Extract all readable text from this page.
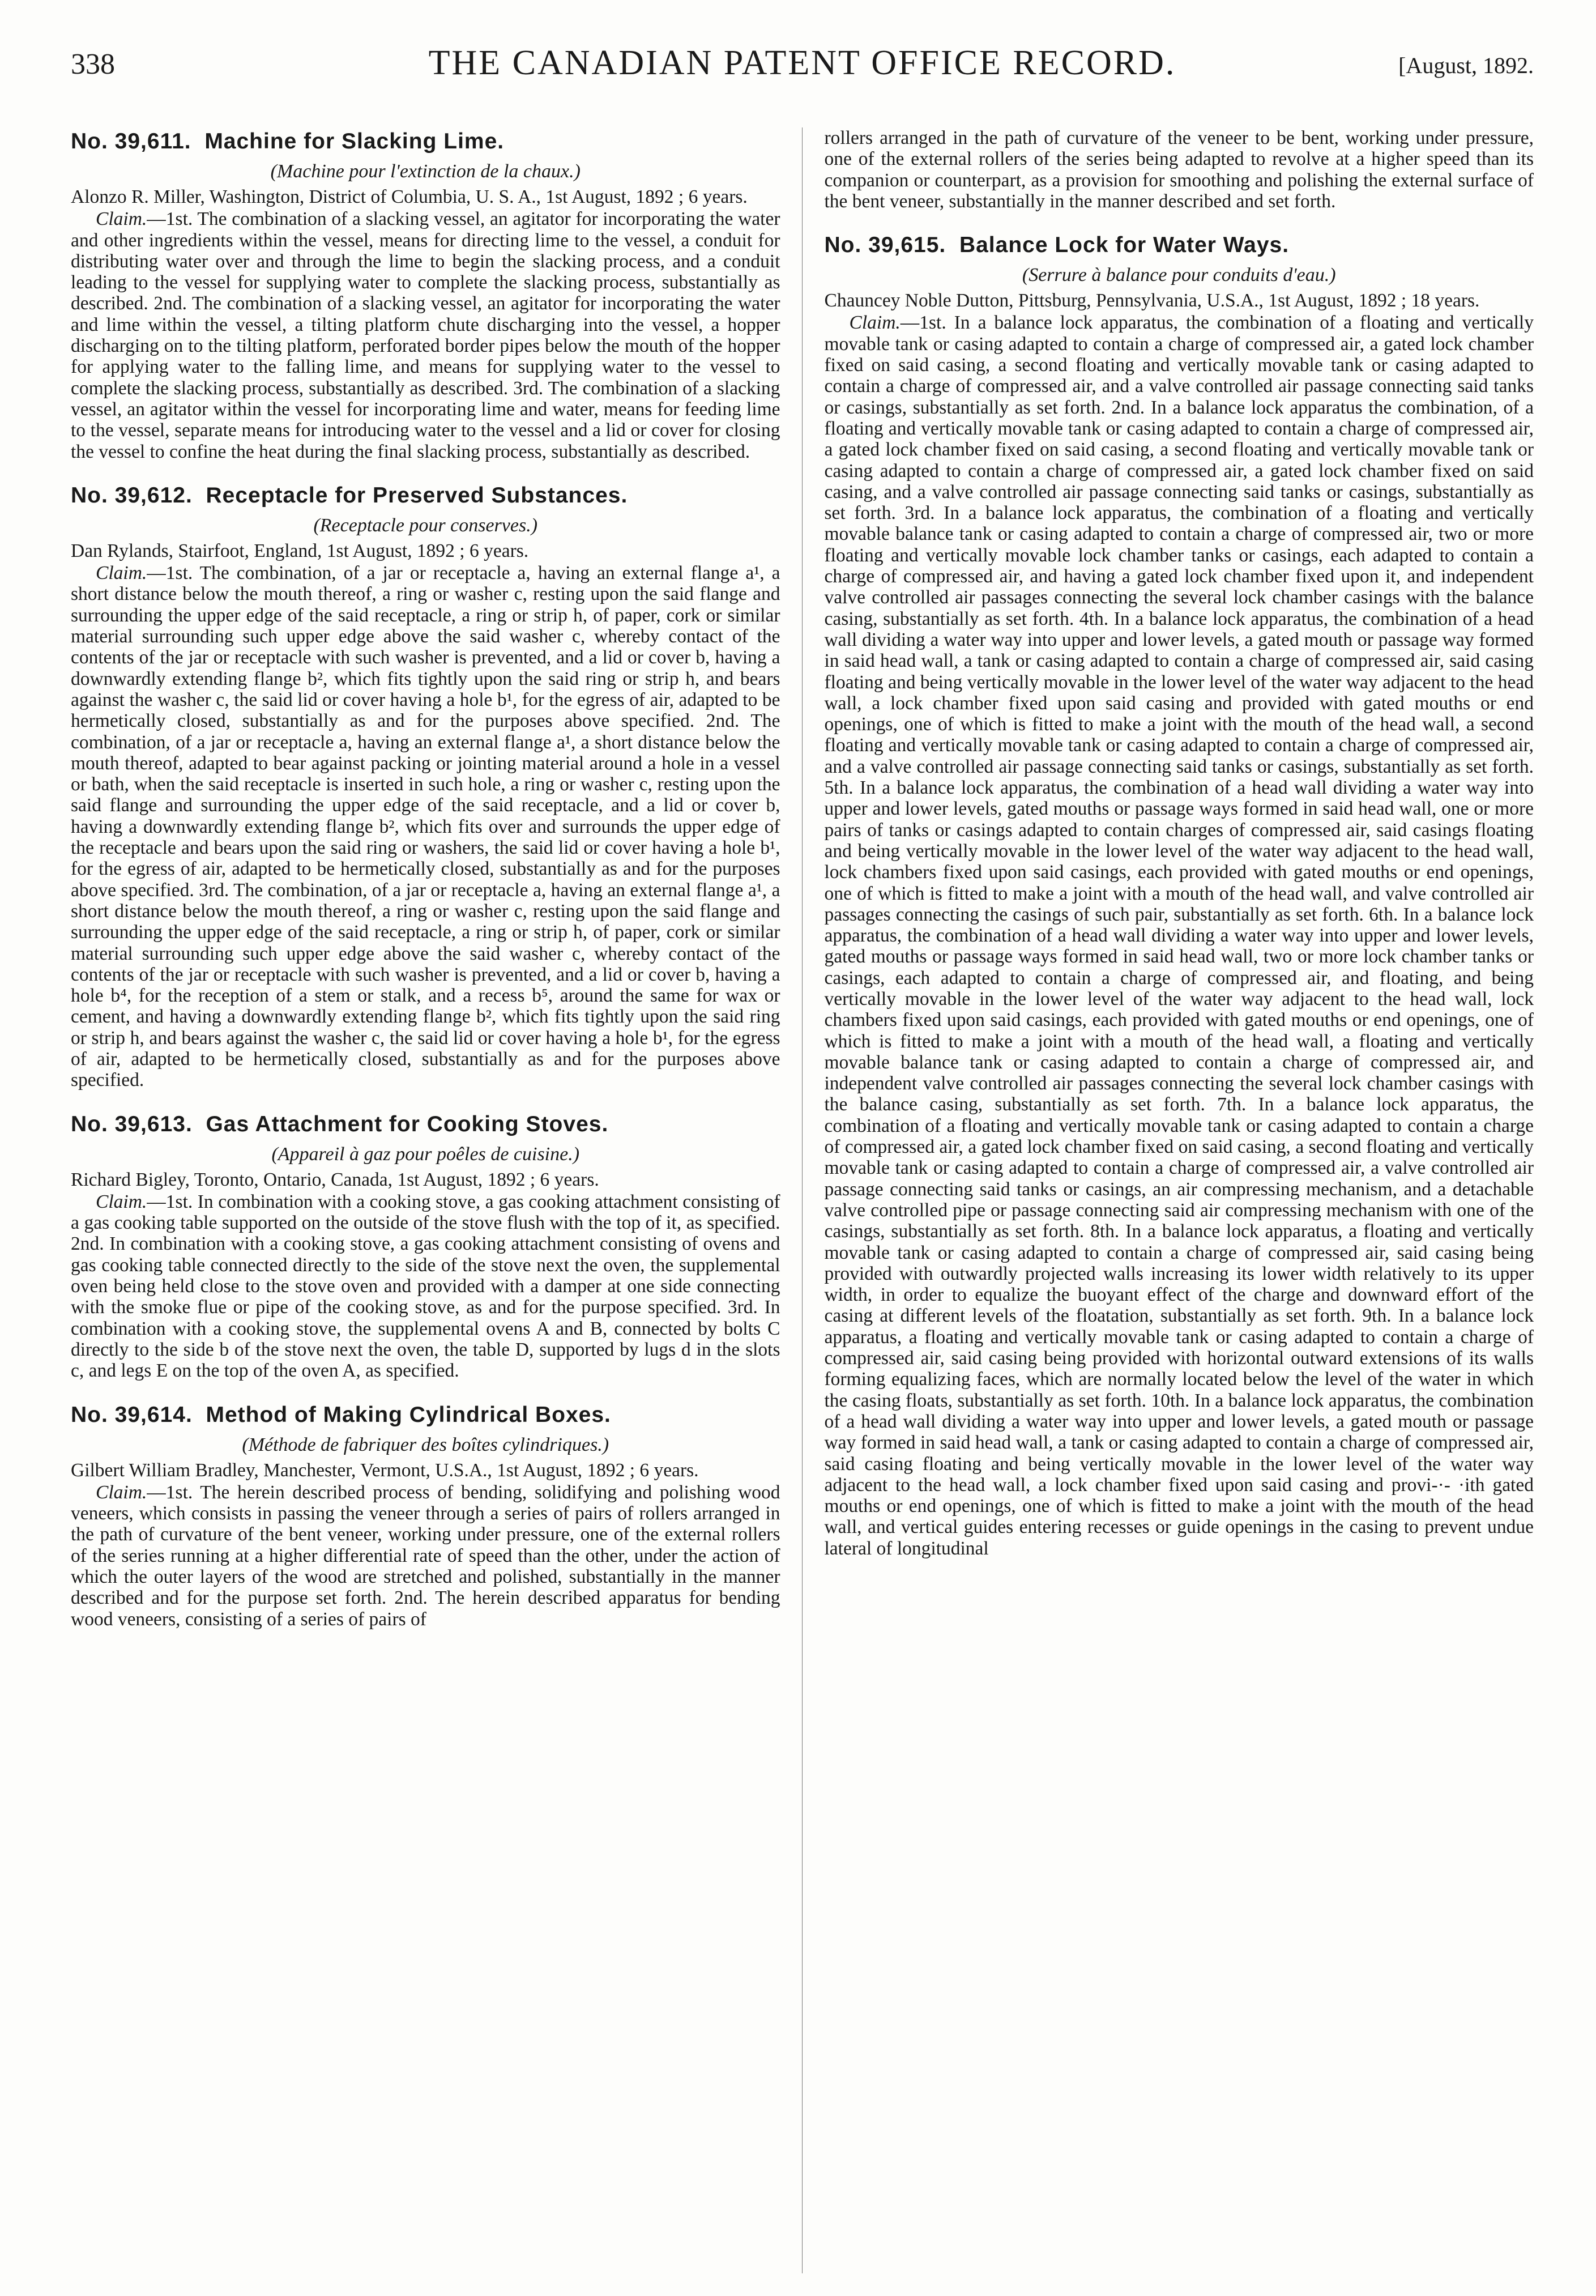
338	THE CANADIAN PATENT OFFICE RECORD.	[August, 1892.
No. 39,611. Machine for Slacking Lime.
(Machine pour l'extinction de la chaux.)

Alonzo R. Miller, Washington, District of Columbia, U. S. A., 1st August, 1892 ; 6 years.

Claim.—1st. The combination of a slacking vessel, an agitator for incorporating the water and other ingredients within the vessel, means for directing lime to the vessel, a conduit for distributing water over and through the lime to begin the slacking process, and a conduit leading to the vessel for supplying water to complete the slacking process, substantially as described. 2nd. The combination of a slacking vessel, an agitator for incorporating the water and lime within the vessel, a tilting platform chute discharging into the vessel, a hopper discharging on to the tilting platform, perforated border pipes below the mouth of the hopper for applying water to the falling lime, and means for supplying water to the vessel to complete the slacking process, substantially as described. 3rd. The combination of a slacking vessel, an agitator within the vessel for incorporating lime and water, means for feeding lime to the vessel, separate means for introducing water to the vessel and a lid or cover for closing the vessel to confine the heat during the final slacking process, substantially as described.

No. 39,612. Receptacle for Preserved Substances.
(Receptacle pour conserves.)

Dan Rylands, Stairfoot, England, 1st August, 1892 ; 6 years.

Claim.—1st. The combination, of a jar or receptacle a, having an external flange a¹, a short distance below the mouth thereof, a ring or washer c, resting upon the said flange and surrounding the upper edge of the said receptacle, a ring or strip h, of paper, cork or similar material surrounding such upper edge above the said washer c, whereby contact of the contents of the jar or receptacle with such washer is prevented, and a lid or cover b, having a downwardly extending flange b², which fits tightly upon the said ring or strip h, and bears against the washer c, the said lid or cover having a hole b¹, for the egress of air, adapted to be hermetically closed, substantially as and for the purposes above specified. 2nd. The combination, of a jar or receptacle a, having an external flange a¹, a short distance below the mouth thereof, adapted to bear against packing or jointing material around a hole in a vessel or bath, when the said receptacle is inserted in such hole, a ring or washer c, resting upon the said flange and surrounding the upper edge of the said receptacle, and a lid or cover b, having a downwardly extending flange b², which fits over and surrounds the upper edge of the receptacle and bears upon the said ring or washers, the said lid or cover having a hole b¹, for the egress of air, adapted to be hermetically closed, substantially as and for the purposes above specified. 3rd. The combination, of a jar or receptacle a, having an external flange a¹, a short distance below the mouth thereof, a ring or washer c, resting upon the said flange and surrounding the upper edge of the said receptacle, a ring or strip h, of paper, cork or similar material surrounding such upper edge above the said washer c, whereby contact of the contents of the jar or receptacle with such washer is prevented, and a lid or cover b, having a hole b⁴, for the reception of a stem or stalk, and a recess b⁵, around the same for wax or cement, and having a downwardly extending flange b², which fits tightly upon the said ring or strip h, and bears against the washer c, the said lid or cover having a hole b¹, for the egress of air, adapted to be hermetically closed, substantially as and for the purposes above specified.

No. 39,613. Gas Attachment for Cooking Stoves.
(Appareil à gaz pour poêles de cuisine.)

Richard Bigley, Toronto, Ontario, Canada, 1st August, 1892 ; 6 years.

Claim.—1st. In combination with a cooking stove, a gas cooking attachment consisting of a gas cooking table supported on the outside of the stove flush with the top of it, as specified. 2nd. In combination with a cooking stove, a gas cooking attachment consisting of ovens and gas cooking table connected directly to the side of the stove next the oven, the supplemental oven being held close to the stove oven and provided with a damper at one side connecting with the smoke flue or pipe of the cooking stove, as and for the purpose specified. 3rd. In combination with a cooking stove, the supplemental ovens A and B, connected by bolts C directly to the side b of the stove next the oven, the table D, supported by lugs d in the slots c, and legs E on the top of the oven A, as specified.

No. 39,614. Method of Making Cylindrical Boxes.
(Méthode de fabriquer des boîtes cylindriques.)

Gilbert William Bradley, Manchester, Vermont, U.S.A., 1st August, 1892 ; 6 years.

Claim.—1st. The herein described process of bending, solidifying and polishing wood veneers, which consists in passing the veneer through a series of pairs of rollers arranged in the path of curvature of the bent veneer, working under pressure, one of the external rollers of the series running at a higher differential rate of speed than the other, under the action of which the outer layers of the wood are stretched and polished, substantially in the manner described and for the purpose set forth. 2nd. The herein described apparatus for bending wood veneers, consisting of a series of pairs of

rollers arranged in the path of curvature of the veneer to be bent, working under pressure, one of the external rollers of the series being adapted to revolve at a higher speed than its companion or counterpart, as a provision for smoothing and polishing the external surface of the bent veneer, substantially in the manner described and set forth.

No. 39,615. Balance Lock for Water Ways.
(Serrure à balance pour conduits d'eau.)

Chauncey Noble Dutton, Pittsburg, Pennsylvania, U.S.A., 1st August, 1892 ; 18 years.

Claim.—1st. In a balance lock apparatus, the combination of a floating and vertically movable tank or casing adapted to contain a charge of compressed air, a gated lock chamber fixed on said casing, a second floating and vertically movable tank or casing adapted to contain a charge of compressed air, and a valve controlled air passage connecting said tanks or casings, substantially as set forth. 2nd. In a balance lock apparatus the combination, of a floating and vertically movable tank or casing adapted to contain a charge of compressed air, a gated lock chamber fixed on said casing, a second floating and vertically movable tank or casing adapted to contain a charge of compressed air, a gated lock chamber fixed on said casing, and a valve controlled air passage connecting said tanks or casings, substantially as set forth. 3rd. In a balance lock apparatus, the combination of a floating and vertically movable balance tank or casing adapted to contain a charge of compressed air, two or more floating and vertically movable lock chamber tanks or casings, each adapted to contain a charge of compressed air, and having a gated lock chamber fixed upon it, and independent valve controlled air passages connecting the several lock chamber casings with the balance casing, substantially as set forth. 4th. In a balance lock apparatus, the combination of a head wall dividing a water way into upper and lower levels, a gated mouth or passage way formed in said head wall, a tank or casing adapted to contain a charge of compressed air, said casing floating and being vertically movable in the lower level of the water way adjacent to the head wall, a lock chamber fixed upon said casing and provided with gated mouths or end openings, one of which is fitted to make a joint with the mouth of the head wall, a second floating and vertically movable tank or casing adapted to contain a charge of compressed air, and a valve controlled air passage connecting said tanks or casings, substantially as set forth. 5th. In a balance lock apparatus, the combination of a head wall dividing a water way into upper and lower levels, gated mouths or passage ways formed in said head wall, one or more pairs of tanks or casings adapted to contain charges of compressed air, said casings floating and being vertically movable in the lower level of the water way adjacent to the head wall, lock chambers fixed upon said casings, each provided with gated mouths or end openings, one of which is fitted to make a joint with a mouth of the head wall, and valve controlled air passages connecting the casings of such pair, substantially as set forth. 6th. In a balance lock apparatus, the combination of a head wall dividing a water way into upper and lower levels, gated mouths or passage ways formed in said head wall, two or more lock chamber tanks or casings, each adapted to contain a charge of compressed air, and floating, and being vertically movable in the lower level of the water way adjacent to the head wall, lock chambers fixed upon said casings, each provided with gated mouths or end openings, one of which is fitted to make a joint with a mouth of the head wall, a floating and vertically movable balance tank or casing adapted to contain a charge of compressed air, and independent valve controlled air passages connecting the several lock chamber casings with the balance casing, substantially as set forth. 7th. In a balance lock apparatus, the combination of a floating and vertically movable tank or casing adapted to contain a charge of compressed air, a gated lock chamber fixed on said casing, a second floating and vertically movable tank or casing adapted to contain a charge of compressed air, a valve controlled air passage connecting said tanks or casings, an air compressing mechanism, and a detachable valve controlled pipe or passage connecting said air compressing mechanism with one of the casings, substantially as set forth. 8th. In a balance lock apparatus, a floating and vertically movable tank or casing adapted to contain a charge of compressed air, said casing being provided with outwardly projected walls increasing its lower width relatively to its upper width, in order to equalize the buoyant effect of the charge and downward effort of the casing at different levels of the floatation, substantially as set forth. 9th. In a balance lock apparatus, a floating and vertically movable tank or casing adapted to contain a charge of compressed air, said casing being provided with horizontal outward extensions of its walls forming equalizing faces, which are normally located below the level of the water in which the casing floats, substantially as set forth. 10th. In a balance lock apparatus, the combination of a head wall dividing a water way into upper and lower levels, a gated mouth or passage way formed in said head wall, a tank or casing adapted to contain a charge of compressed air, said casing floating and being vertically movable in the lower level of the water way adjacent to the head wall, a lock chamber fixed upon said casing and provi-·- ·ith gated mouths or end openings, one of which is fitted to make a joint with the mouth of the head wall, and vertical guides entering recesses or guide openings in the casing to prevent undue lateral of longitudinal
